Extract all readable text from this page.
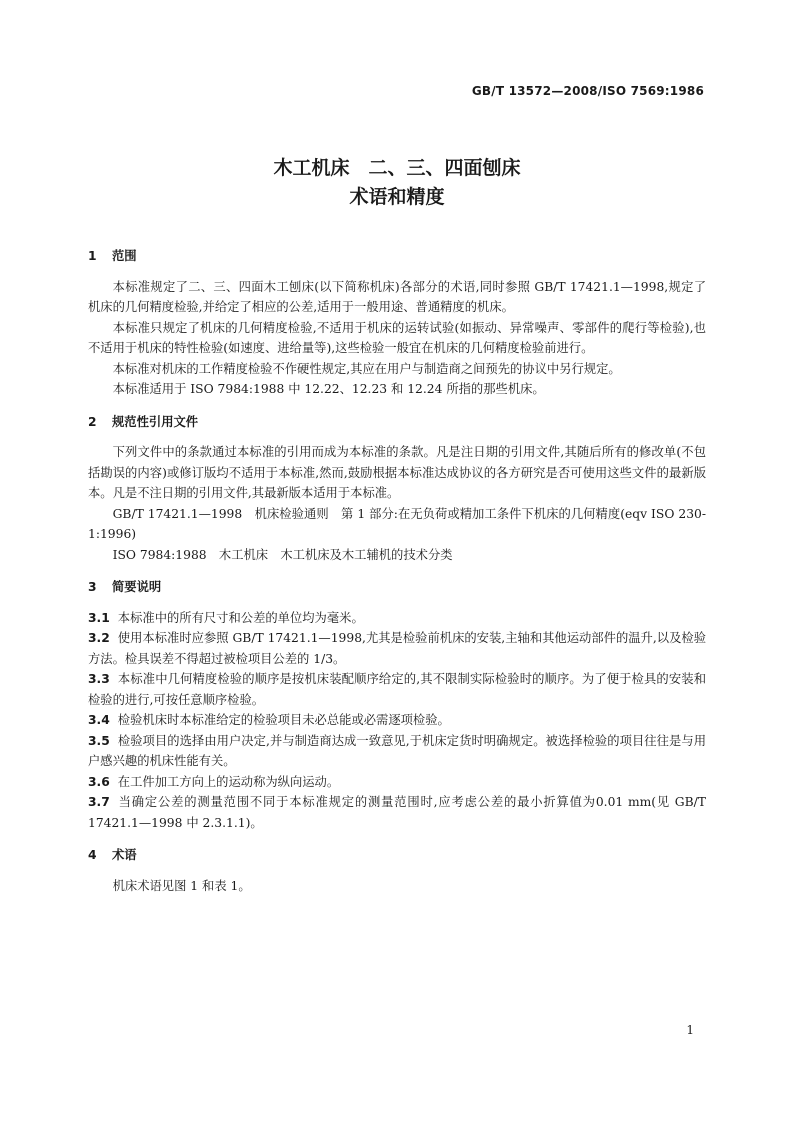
GB/T 13572—2008/ISO 7569:1986
木工机床　二、三、四面刨床
术语和精度
1 范围

本标准规定了二、三、四面木工刨床(以下简称机床)各部分的术语,同时参照 GB/T 17421.1—1998,规定了机床的几何精度检验,并给定了相应的公差,适用于一般用途、普通精度的机床。

本标准只规定了机床的几何精度检验,不适用于机床的运转试验(如振动、异常噪声、零部件的爬行等检验),也不适用于机床的特性检验(如速度、进给量等),这些检验一般宜在机床的几何精度检验前进行。

本标准对机床的工作精度检验不作硬性规定,其应在用户与制造商之间预先的协议中另行规定。

本标准适用于 ISO 7984:1988 中 12.22、12.23 和 12.24 所指的那些机床。

2 规范性引用文件

下列文件中的条款通过本标准的引用而成为本标准的条款。凡是注日期的引用文件,其随后所有的修改单(不包括勘误的内容)或修订版均不适用于本标准,然而,鼓励根据本标准达成协议的各方研究是否可使用这些文件的最新版本。凡是不注日期的引用文件,其最新版本适用于本标准。

GB/T 17421.1—1998　机床检验通则　第 1 部分:在无负荷或精加工条件下机床的几何精度(eqv ISO 230-1:1996)

ISO 7984:1988　木工机床　木工机床及木工辅机的技术分类

3 简要说明

3.1 本标准中的所有尺寸和公差的单位均为毫米。

3.2 使用本标准时应参照 GB/T 17421.1—1998,尤其是检验前机床的安装,主轴和其他运动部件的温升,以及检验方法。检具误差不得超过被检项目公差的 1/3。

3.3 本标准中几何精度检验的顺序是按机床装配顺序给定的,其不限制实际检验时的顺序。为了便于检具的安装和检验的进行,可按任意顺序检验。

3.4 检验机床时本标准给定的检验项目未必总能或必需逐项检验。

3.5 检验项目的选择由用户决定,并与制造商达成一致意见,于机床定货时明确规定。被选择检验的项目往往是与用户感兴趣的机床性能有关。

3.6 在工件加工方向上的运动称为纵向运动。

3.7 当确定公差的测量范围不同于本标准规定的测量范围时,应考虑公差的最小折算值为0.01 mm(见 GB/T 17421.1—1998 中 2.3.1.1)。

4 术语

机床术语见图 1 和表 1。

1
